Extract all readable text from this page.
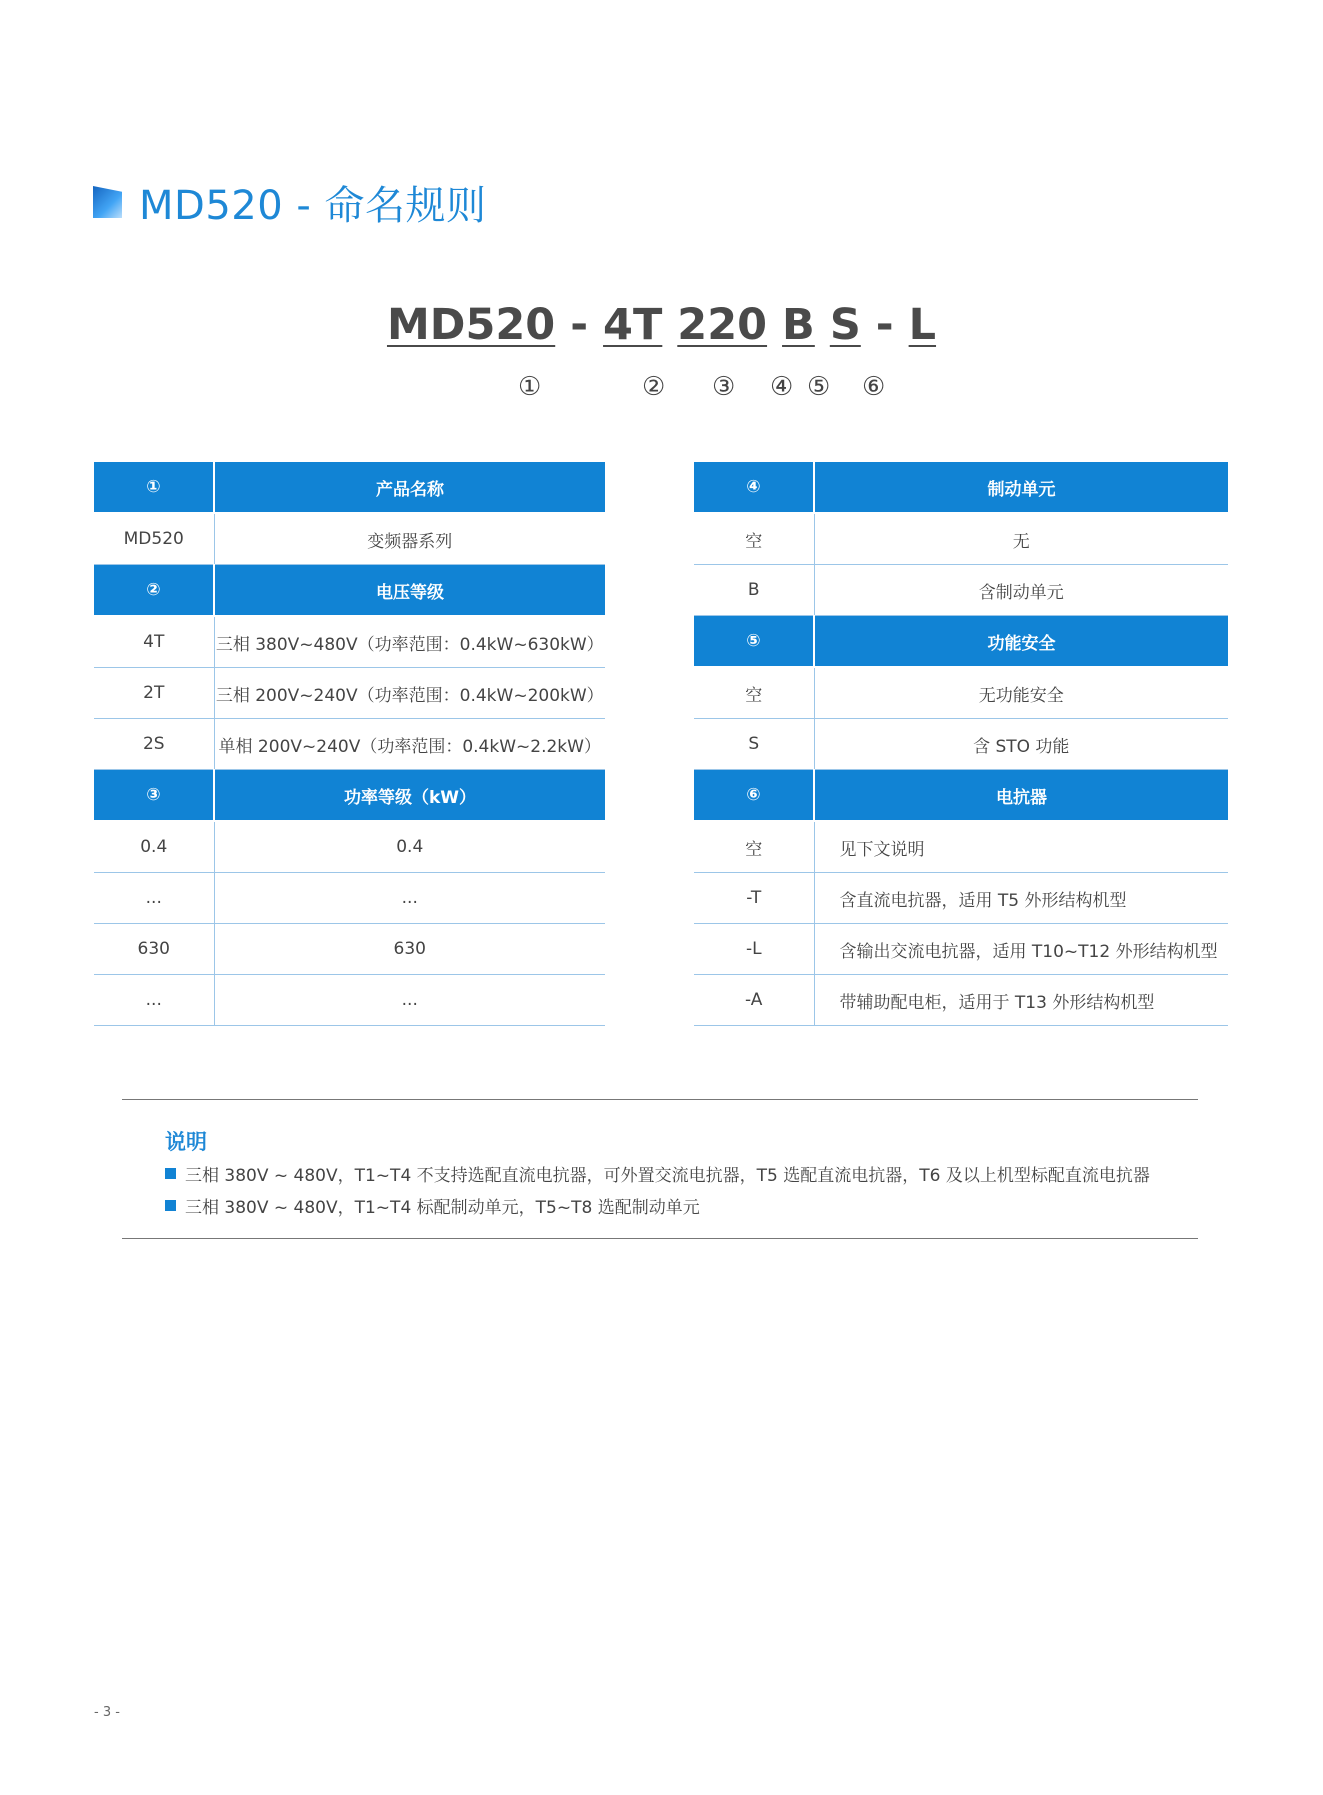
MD520 - 命名规则
MD520 - 4T 220 B S - L
①	② ③ ④ ⑤ ⑥
①	产品名称
MD520	变频器系列
②	电压等级
4T	三相 380V~480V（功率范围：0.4kW~630kW）
2T	三相 200V~240V（功率范围：0.4kW~200kW）
2S	单相 200V~240V（功率范围：0.4kW~2.2kW）
③	功率等级（kW）
0.4	0.4
...	...
630	630
...	...
④	制动单元
空	无
B	含制动单元
⑤	功能安全
空	无功能安全
S	含 STO 功能
⑥	电抗器
空	见下文说明
-T	含直流电抗器，适用 T5 外形结构机型
-L	含输出交流电抗器，适用 T10~T12 外形结构机型
-A	带辅助配电柜，适用于 T13 外形结构机型
说明
三相 380V ~ 480V，T1~T4 不支持选配直流电抗器，可外置交流电抗器，T5 选配直流电抗器，T6 及以上机型标配直流电抗器
三相 380V ~ 480V，T1~T4 标配制动单元，T5~T8 选配制动单元
- 3 -
